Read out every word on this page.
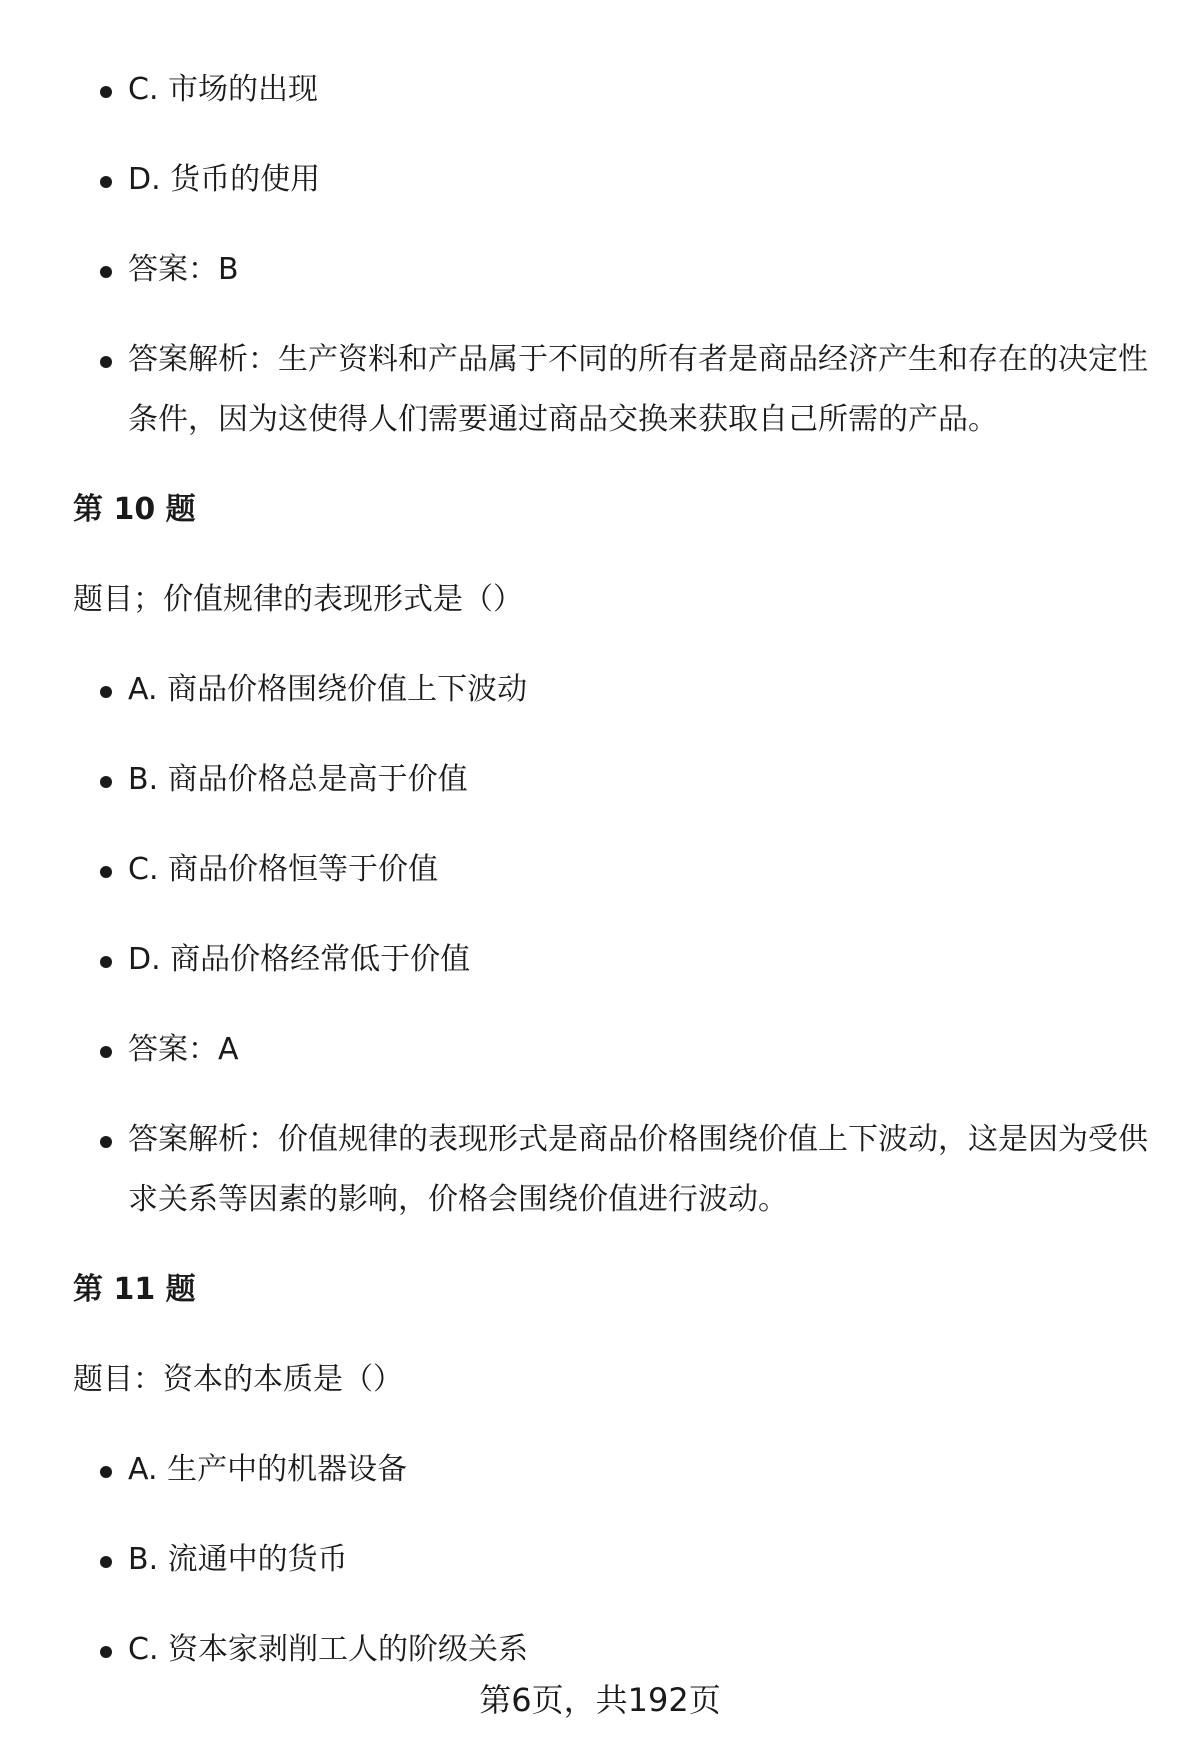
C. 市场的出现
D. 货币的使用
答案：B
答案解析：生产资料和产品属于不同的所有者是商品经济产生和存在的决定性条件，因为这使得人们需要通过商品交换来获取自己所需的产品。
第 10 题
题目；价值规律的表现形式是（）
A. 商品价格围绕价值上下波动
B. 商品价格总是高于价值
C. 商品价格恒等于价值
D. 商品价格经常低于价值
答案：A
答案解析：价值规律的表现形式是商品价格围绕价值上下波动，这是因为受供求关系等因素的影响，价格会围绕价值进行波动。
第 11 题
题目：资本的本质是（）
A. 生产中的机器设备
B. 流通中的货币
C. 资本家剥削工人的阶级关系
第6页，共192页
